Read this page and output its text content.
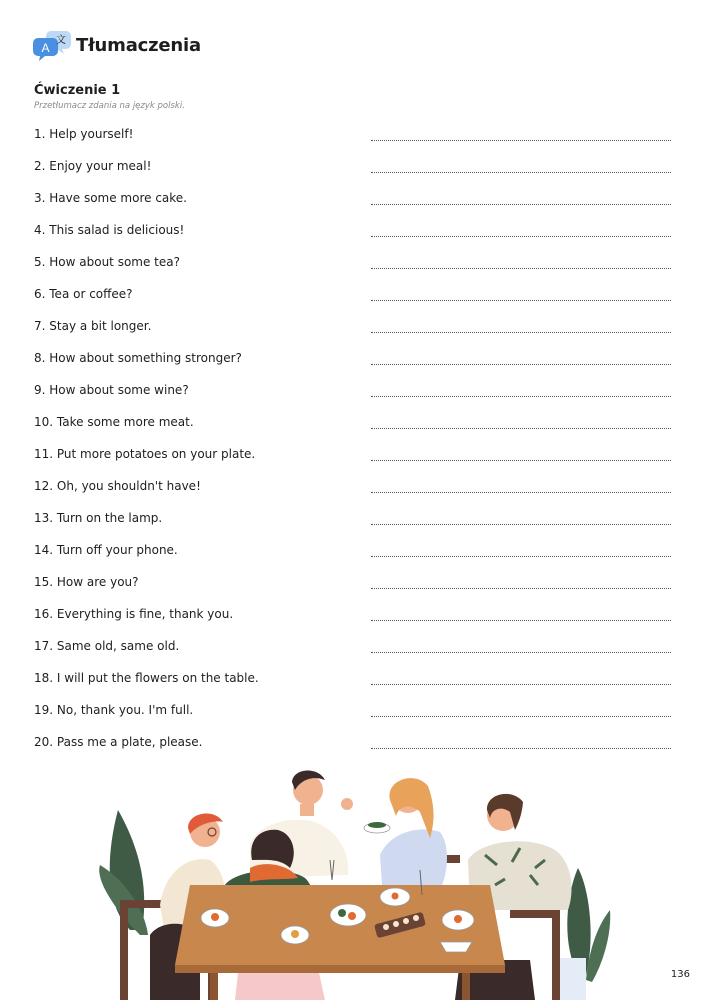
A
文 Tłumaczenia
Ćwiczenie 1
Przetłumacz zdania na język polski.
1. Help yourself!
2. Enjoy your meal!
3. Have some more cake.
4. This salad is delicious!
5. How about some tea?
6. Tea or coffee?
7. Stay a bit longer.
8. How about something stronger?
9. How about some wine?
10. Take some more meat.
11. Put more potatoes on your plate.
12. Oh, you shouldn't have!
13. Turn on the lamp.
14. Turn off your phone.
15. How are you?
16. Everything is fine, thank you.
17. Same old, same old.
18. I will put the flowers on the table.
19. No, thank you. I'm full.
20. Pass me a plate, please.
136
